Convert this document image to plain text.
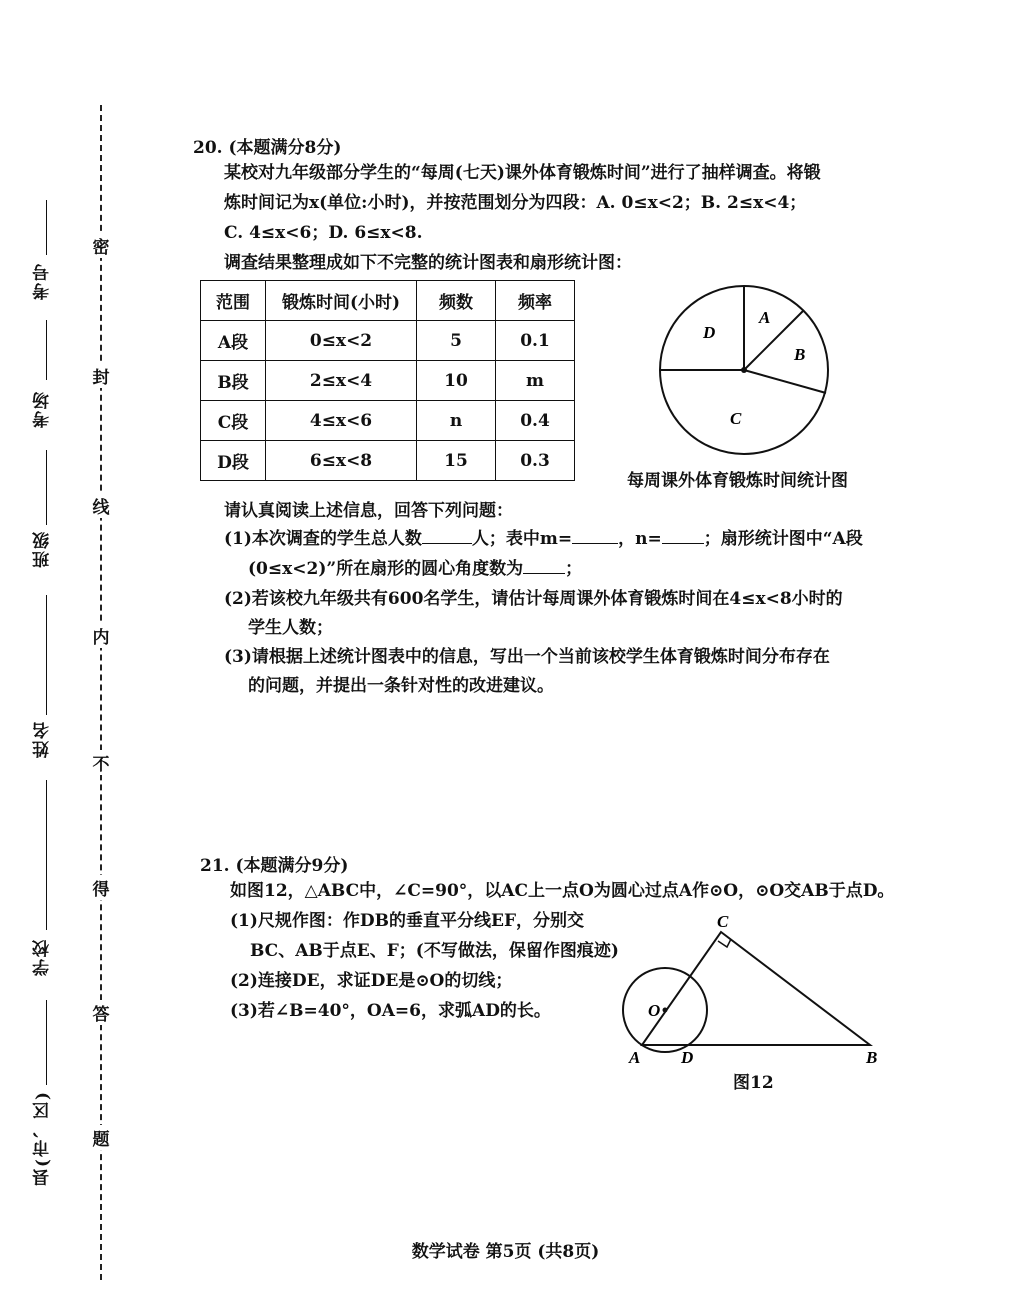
考号
考场
班级
姓名
学校
县(市、区)
密
封
线
内
不
得
答
题
20. (本题满分8分)
某校对九年级部分学生的“每周(七天)课外体育锻炼时间”进行了抽样调查。将锻
炼时间记为x(单位:小时)，并按范围划分为四段：A. 0≤x<2；B. 2≤x<4；
C. 4≤x<6；D. 6≤x<8.
调查结果整理成如下不完整的统计图表和扇形统计图：
范围	锻炼时间(小时)	频数	频率
A段	0≤x<2	5	0.1
B段	2≤x<4	10	m
C段	4≤x<6	n	0.4
D段	6≤x<8	15	0.3
A
B
C
D
每周课外体育锻炼时间统计图
请认真阅读上述信息，回答下列问题：
(1)本次调查的学生总人数	人；表中m=	，n= ；扇形统计图中“A段
(0≤x<2)”所在扇形的圆心角度数为 ；
(2)若该校九年级共有600名学生，请估计每周课外体育锻炼时间在4≤x<8小时的
学生人数；
(3)请根据上述统计图表中的信息，写出一个当前该校学生体育锻炼时间分布存在
的问题，并提出一条针对性的改进建议。
21. (本题满分9分)
如图12，△ABC中，∠C=90°，以AC上一点O为圆心过点A作⊙O，⊙O交AB于点D。
(1)尺规作图：作DB的垂直平分线EF，分别交
BC、AB于点E、F；(不写做法，保留作图痕迹)
(2)连接DE，求证DE是⊙O的切线；
(3)若∠B=40°，OA=6，求弧AD的长。
C
O
A D	B
图12
数学试卷 第5页 (共8页)
